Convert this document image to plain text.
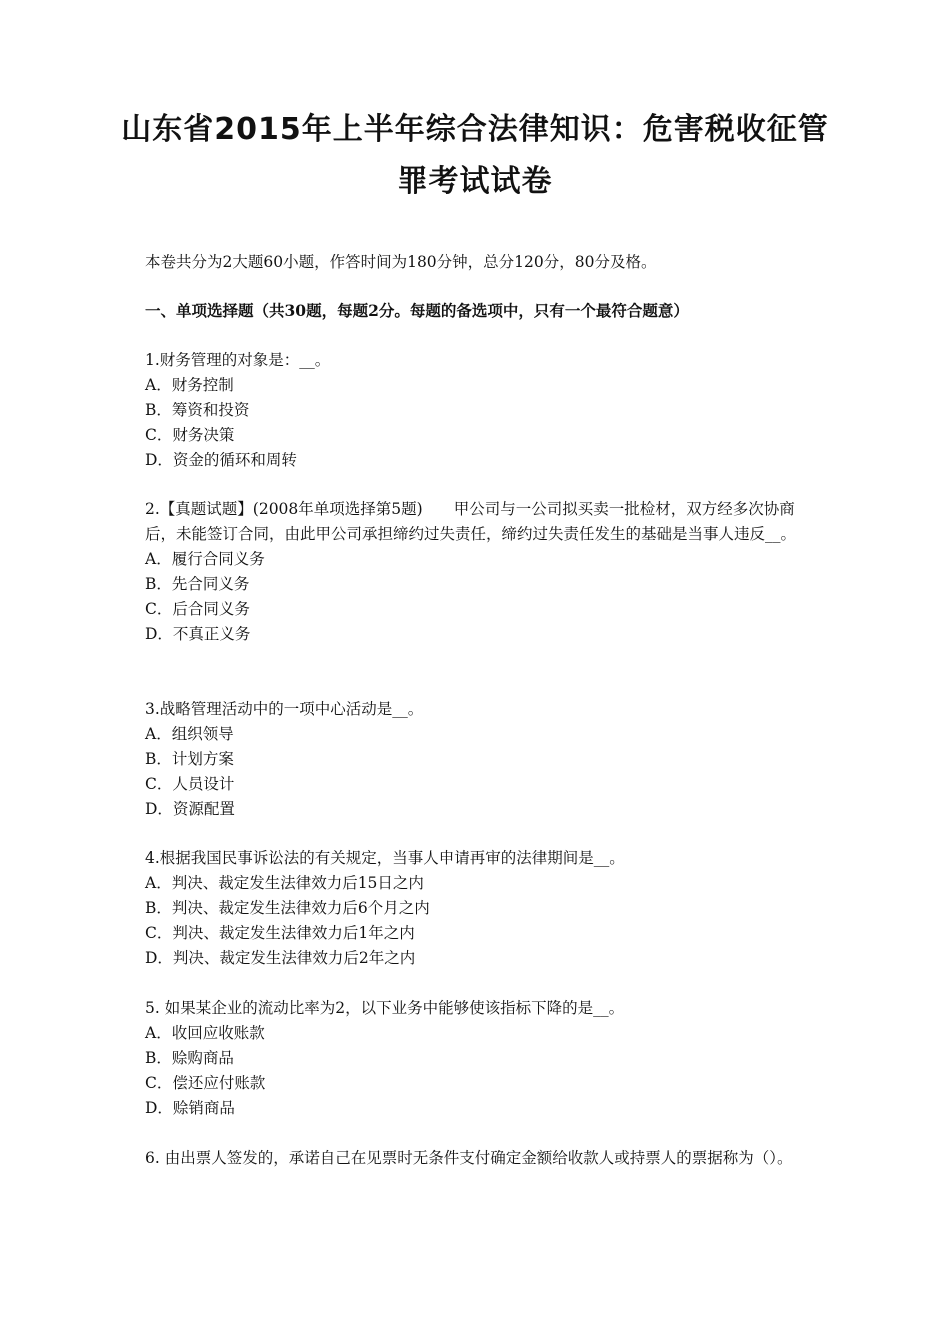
山东省2015年上半年综合法律知识：危害税收征管
罪考试试卷
本卷共分为2大题60小题，作答时间为180分钟，总分120分，80分及格。
一、单项选择题（共30题，每题2分。每题的备选项中，只有一个最符合题意）

1.财务管理的对象是：__。

A．财务控制

B．筹资和投资

C．财务决策

D．资金的循环和周转

2.【真题试题】(2008年单项选择第5题)　　甲公司与一公司拟买卖一批检材，双方经多次协商后，未能签订合同，由此甲公司承担缔约过失责任，缔约过失责任发生的基础是当事人违反__。

A．履行合同义务

B．先合同义务

C．后合同义务

D．不真正义务

3.战略管理活动中的一项中心活动是__。

A．组织领导

B．计划方案

C．人员设计

D．资源配置

4.根据我国民事诉讼法的有关规定，当事人申请再审的法律期间是__。

A．判决、裁定发生法律效力后15日之内

B．判决、裁定发生法律效力后6个月之内

C．判决、裁定发生法律效力后1年之内

D．判决、裁定发生法律效力后2年之内

5. 如果某企业的流动比率为2，以下业务中能够使该指标下降的是__。

A．收回应收账款

B．赊购商品

C．偿还应付账款

D．赊销商品

6. 由出票人签发的，承诺自己在见票时无条件支付确定金额给收款人或持票人的票据称为（）。
